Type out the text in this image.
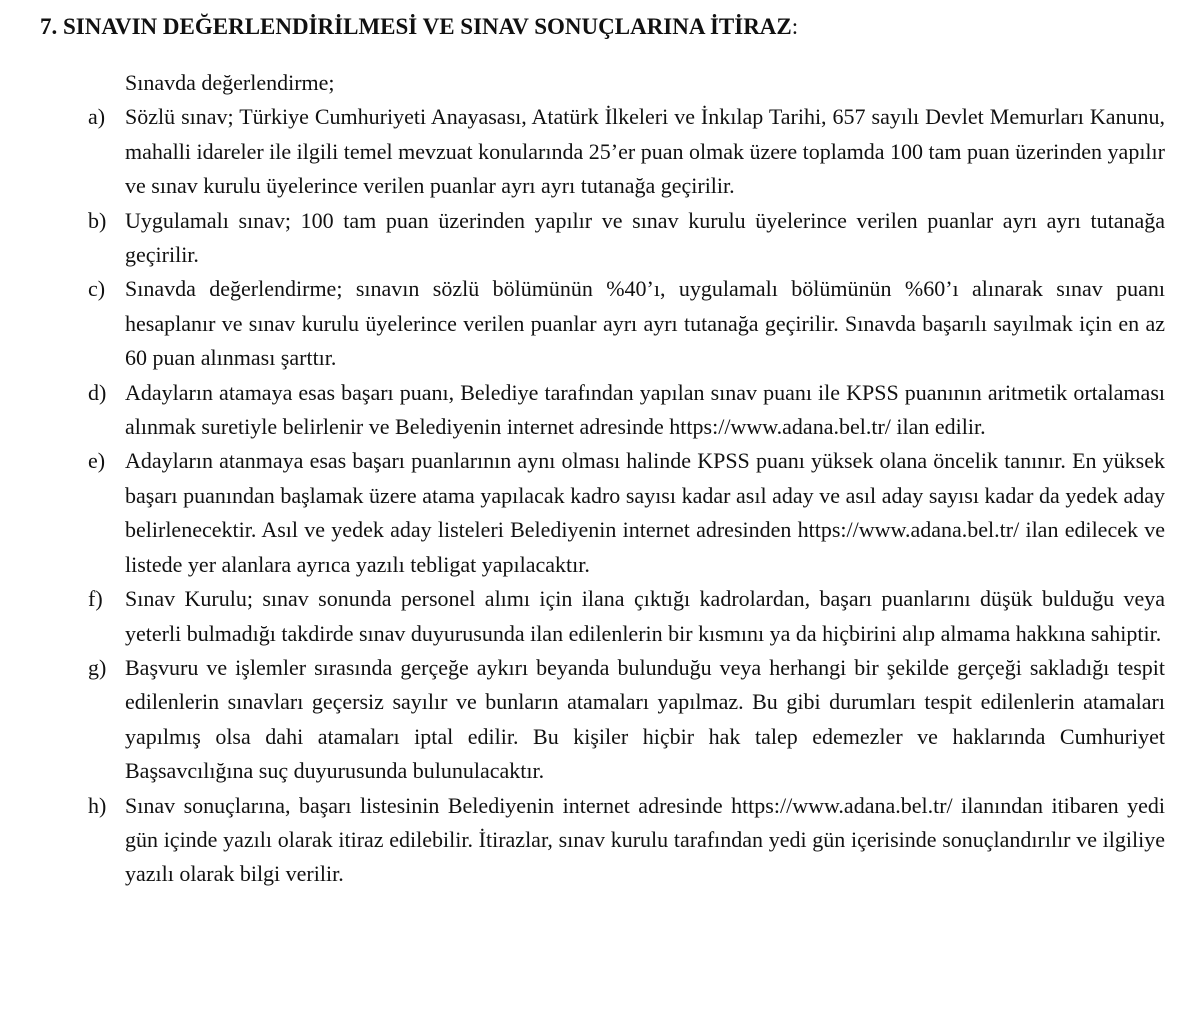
7. SINAVIN DEĞERLENDİRİLMESİ VE SINAV SONUÇLARINA İTİRAZ:
Sınavda değerlendirme;
a) Sözlü sınav; Türkiye Cumhuriyeti Anayasası, Atatürk İlkeleri ve İnkılap Tarihi, 657 sayılı Devlet Memurları Kanunu, mahalli idareler ile ilgili temel mevzuat konularında 25’er puan olmak üzere toplamda 100 tam puan üzerinden yapılır ve sınav kurulu üyelerince verilen puanlar ayrı ayrı tutanağa geçirilir.
b) Uygulamalı sınav; 100 tam puan üzerinden yapılır ve sınav kurulu üyelerince verilen puanlar ayrı ayrı tutanağa geçirilir.
c) Sınavda değerlendirme; sınavın sözlü bölümünün %40’ı, uygulamalı bölümünün %60’ı alınarak sınav puanı hesaplanır ve sınav kurulu üyelerince verilen puanlar ayrı ayrı tutanağa geçirilir. Sınavda başarılı sayılmak için en az 60 puan alınması şarttır.
d) Adayların atamaya esas başarı puanı, Belediye tarafından yapılan sınav puanı ile KPSS puanının aritmetik ortalaması alınmak suretiyle belirlenir ve Belediyenin internet adresinde https://www.adana.bel.tr/ ilan edilir.
e) Adayların atanmaya esas başarı puanlarının aynı olması halinde KPSS puanı yüksek olana öncelik tanınır. En yüksek başarı puanından başlamak üzere atama yapılacak kadro sayısı kadar asıl aday ve asıl aday sayısı kadar da yedek aday belirlenecektir. Asıl ve yedek aday listeleri Belediyenin internet adresinden https://www.adana.bel.tr/ ilan edilecek ve listede yer alanlara ayrıca yazılı tebligat yapılacaktır.
f) Sınav Kurulu; sınav sonunda personel alımı için ilana çıktığı kadrolardan, başarı puanlarını düşük bulduğu veya yeterli bulmadığı takdirde sınav duyurusunda ilan edilenlerin bir kısmını ya da hiçbirini alıp almama hakkına sahiptir.
g) Başvuru ve işlemler sırasında gerçeğe aykırı beyanda bulunduğu veya herhangi bir şekilde gerçeği sakladığı tespit edilenlerin sınavları geçersiz sayılır ve bunların atamaları yapılmaz. Bu gibi durumları tespit edilenlerin atamaları yapılmış olsa dahi atamaları iptal edilir. Bu kişiler hiçbir hak talep edemezler ve haklarında Cumhuriyet Başsavcılığına suç duyurusunda bulunulacaktır.
h) Sınav sonuçlarına, başarı listesinin Belediyenin internet adresinde https://www.adana.bel.tr/ ilanından itibaren yedi gün içinde yazılı olarak itiraz edilebilir. İtirazlar, sınav kurulu tarafından yedi gün içerisinde sonuçlandırılır ve ilgiliye yazılı olarak bilgi verilir.
